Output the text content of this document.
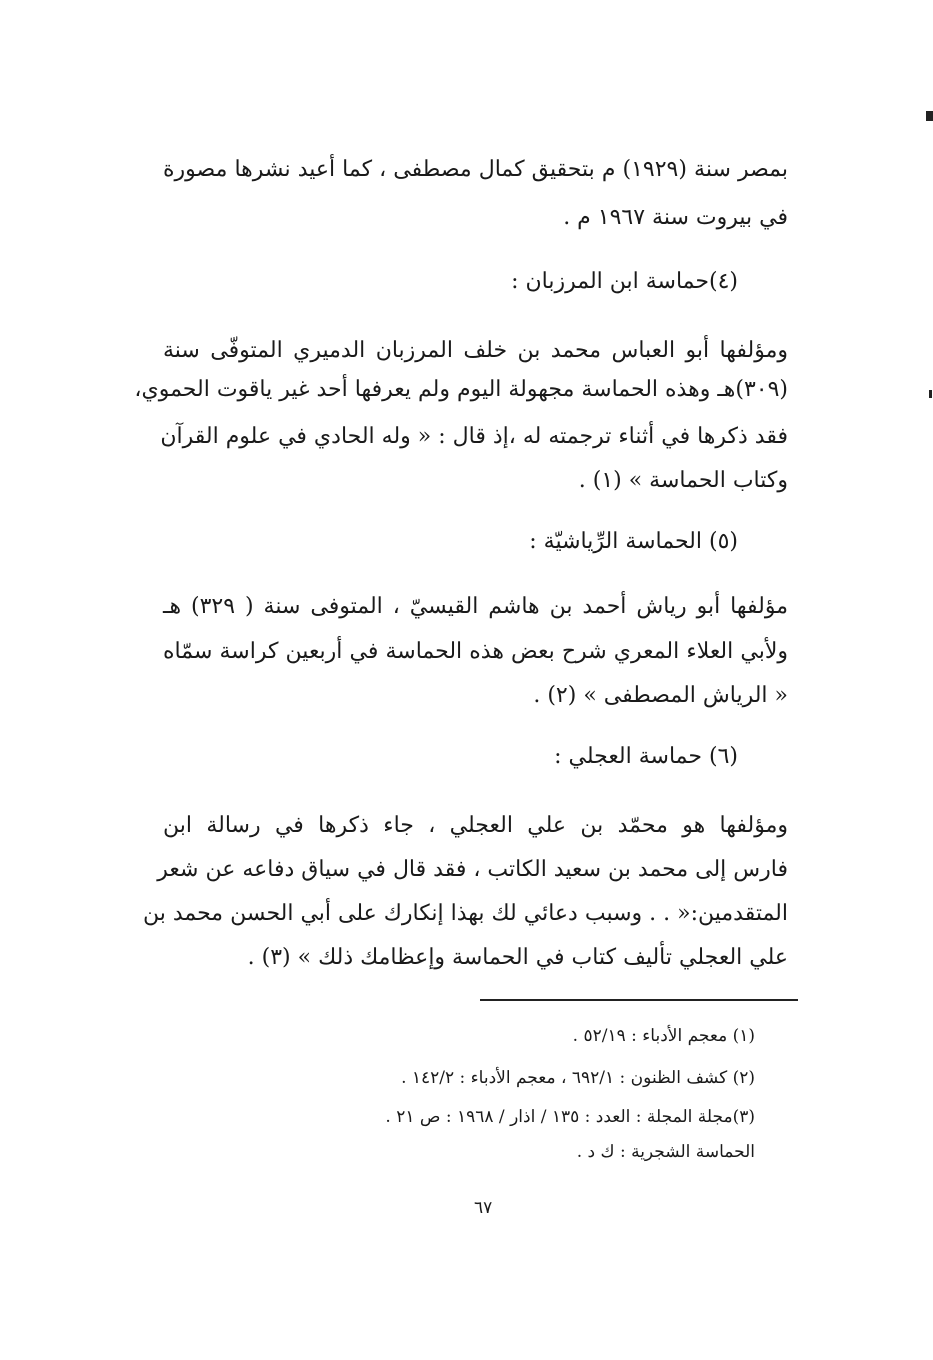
بمصر سنة (١٩٢٩) م بتحقيق كمال مصطفى ، كما أعيد نشرها مصورة
في بيروت سنة ١٩٦٧ م .
(٤)حماسة ابن المرزبان :
ومؤلفها أبو العباس محمد بن خلف المرزبان الدميري المتوفّى سنة
(٣٠٩)هـ وهذه الحماسة مجهولة اليوم ولم يعرفها أحد غير ياقوت الحموي،
فقد ذكرها في أثناء ترجمته له ،إذ قال : « وله الحادي في علوم القرآن
وكتاب الحماسة » (١) .
(٥) الحماسة الرِّياشيّة :
مؤلفها أبو رياش أحمد بن هاشم القيسيّ ، المتوفى سنة ( ٣٢٩) هـ
ولأبي العلاء المعري شرح بعض هذه الحماسة في أربعين كراسة سمّاه
« الرياش المصطفى » (٢) .
(٦) حماسة العجلي :
ومؤلفها هو محمّد بن علي العجلي ، جاء ذكرها في رسالة ابن
فارس إلى محمد بن سعيد الكاتب ، فقد قال في سياق دفاعه عن شعر
المتقدمين:« . . وسبب دعائي لك بهذا إنكارك على أبي الحسن محمد بن
علي العجلي تأليف كتاب في الحماسة وإعظامك ذلك » (٣) .
(١) معجم الأدباء : ٥٢/١٩ .
(٢) كشف الظنون : ٦٩٢/١ ، معجم الأدباء : ١٤٢/٢ .
(٣)مجلة المجلة : العدد : ١٣٥ / اذار / ١٩٦٨ : ص ٢١ .
الحماسة الشجرية : ك د .
٦٧
